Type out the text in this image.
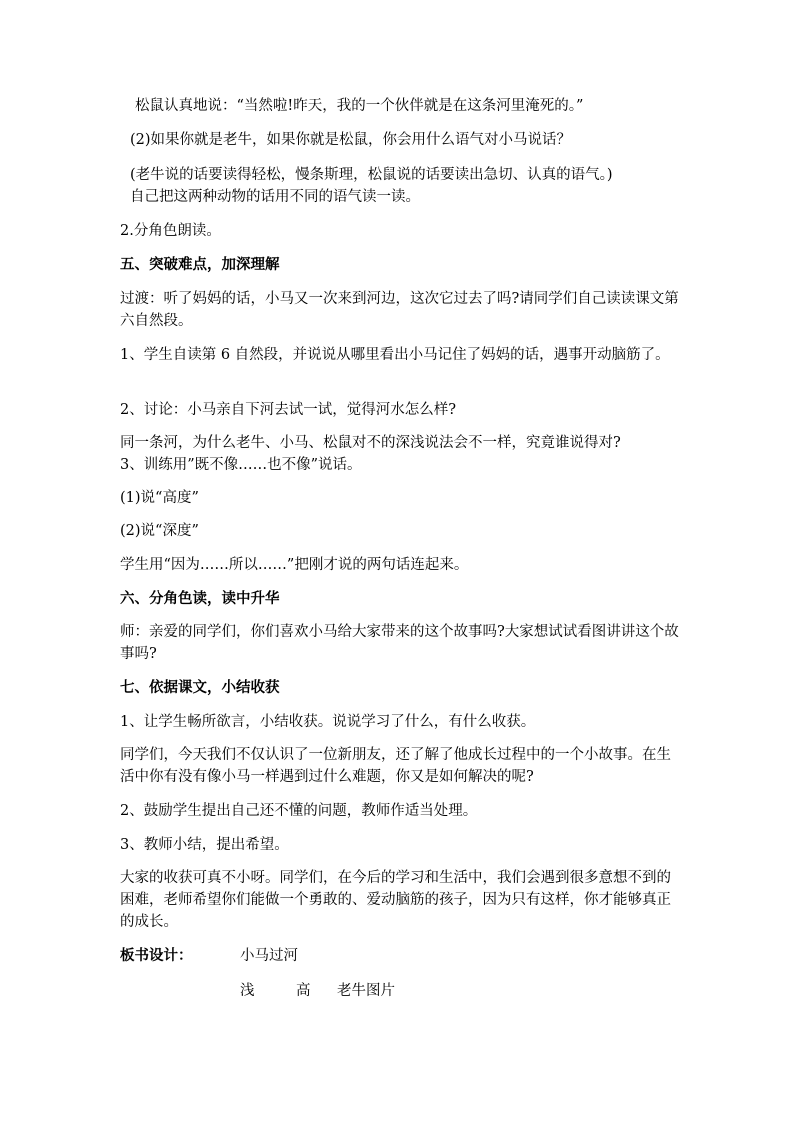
松鼠认真地说：“当然啦!昨天，我的一个伙伴就是在这条河里淹死的。”

(2)如果你就是老牛，如果你就是松鼠，你会用什么语气对小马说话？

(老牛说的话要读得轻松，慢条斯理，松鼠说的话要读出急切、认真的语气。)

自己把这两种动物的话用不同的语气读一读。

2.分角色朗读。

五、突破难点，加深理解

过渡：听了妈妈的话，小马又一次来到河边，这次它过去了吗?请同学们自己读读课文第六自然段。

1、学生自读第 6 自然段，并说说从哪里看出小马记住了妈妈的话，遇事开动脑筋了。

2、讨论：小马亲自下河去试一试，觉得河水怎么样?

同一条河，为什么老牛、小马、松鼠对不的深浅说法会不一样，究竟谁说得对?

3、训练用”既不像……也不像”说话。

(1)说“高度”

(2)说“深度”

学生用“因为……所以……”把刚才说的两句话连起来。

六、分角色读，读中升华

师：亲爱的同学们，你们喜欢小马给大家带来的这个故事吗?大家想试试看图讲讲这个故事吗?

七、依据课文，小结收获

1、让学生畅所欲言，小结收获。说说学习了什么，有什么收获。

同学们，今天我们不仅认识了一位新朋友，还了解了他成长过程中的一个小故事。在生活中你有没有像小马一样遇到过什么难题，你又是如何解决的呢?

2、鼓励学生提出自己还不懂的问题，教师作适当处理。

3、教师小结，提出希望。

大家的收获可真不小呀。同学们，在今后的学习和生活中，我们会遇到很多意想不到的困难，老师希望你们能做一个勇敢的、爱动脑筋的孩子，因为只有这样，你才能够真正的成长。

板书设计：	小马过河
浅	高 老牛图片
